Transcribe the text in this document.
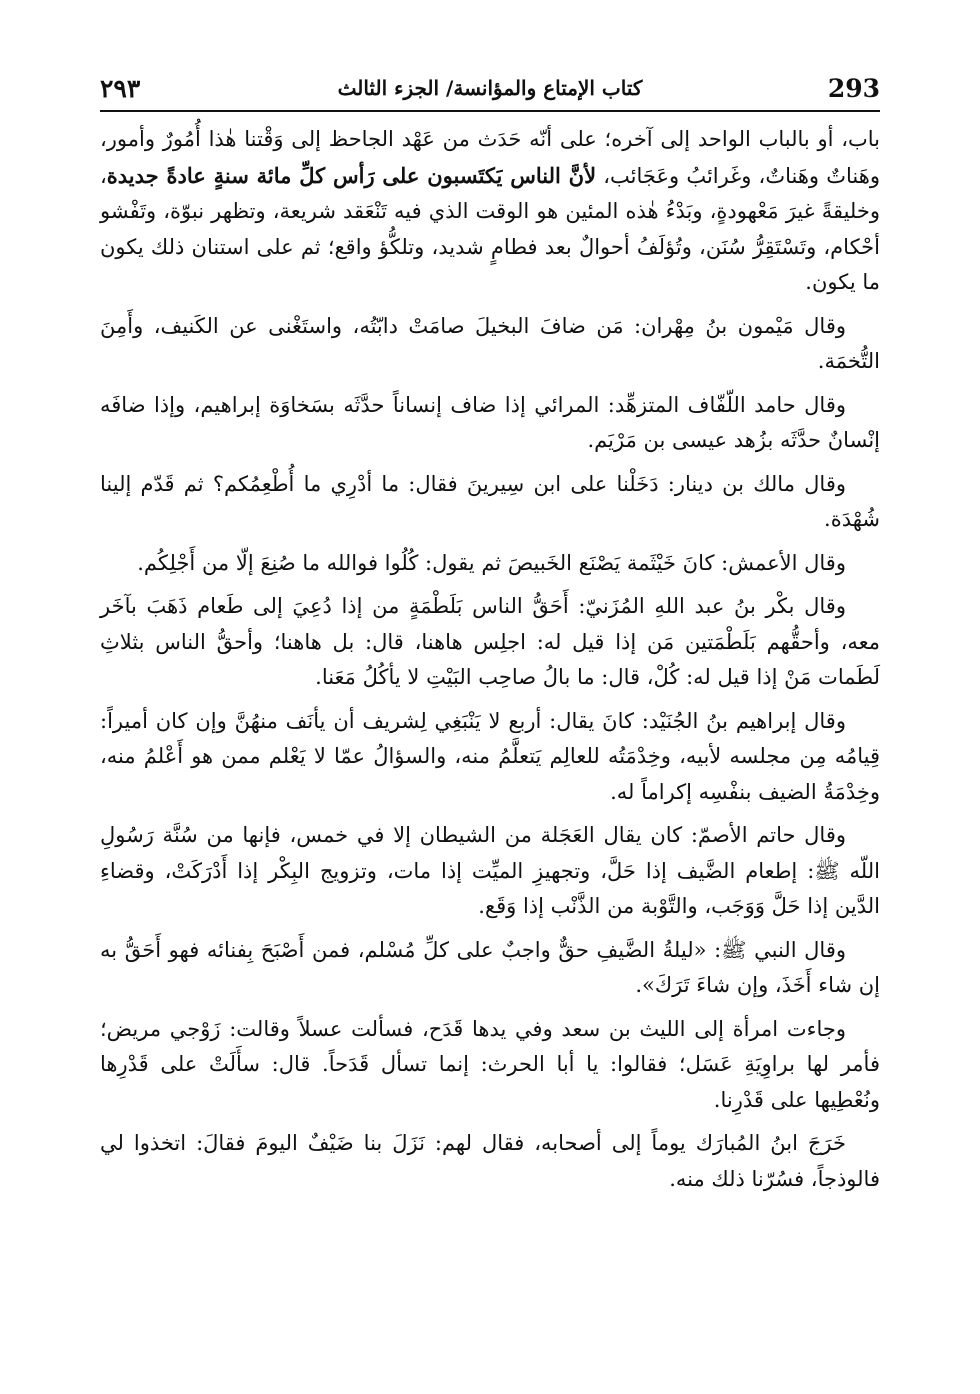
٢٩٣	كتاب الإمتاع والمؤانسة/ الجزء الثالث	293

باب، أو بالباب الواحد إلى آخره؛ على أنّه حَدَث من عَهْد الجاحظ إلى وَقْتنا هٰذا أُمُورٌ وأمور، وهَناتٌ وهَناتٌ، وغَرائبُ وعَجَائب، لأنَّ الناس يَكتَسبون على رَأس كلِّ مائة سنةٍ عادةً جديدة، وخليقةً غيرَ مَعْهودةٍ، وبَدْءُ هٰذه المئين هو الوقت الذي فيه تَنْعَقد شريعة، وتظهر نبوّة، وتَفْشو أحْكام، وتَسْتَقِرُّ سُنَن، وتُؤلَفُ أحوالٌ بعد فطامٍ شديد، وتلكُّؤ واقع؛ ثم على استنان ذلك يكون ما يكون.

وقال مَيْمون بنُ مِهْران: مَن ضافَ البخيلَ صامَتْ دابّتُه، واستَغْنى عن الكَنيف، وأَمِنَ التُّخمَة.

وقال حامد اللّفّاف المتزهِّد: المرائي إذا ضاف إنساناً حدَّثَه بسَخاوَة إبراهيم، وإذا ضافَه إنْسانٌ حدَّثَه بزُهد عيسى بن مَرْيَم.

وقال مالك بن دينار: دَخَلْنا على ابن سِيرينَ فقال: ما أدْرِي ما أُطْعِمُكم؟ ثم قَدّم إلينا شُهْدَة.

وقال الأعمش: كانَ خَيْثَمة يَصْنَع الخَبيصَ ثم يقول: كُلُوا فوالله ما صُنِعَ إلّا من أَجْلِكُم.

وقال بكْر بنُ عبد اللهِ المُزَنيّ: أَحَقُّ الناس بَلَطْمَةٍ من إذا دُعِيَ إلى طَعام ذَهَبَ بآخَر معه، وأحقُّهم بَلَطْمَتين مَن إذا قيل له: اجلِس هاهنا، قال: بل هاهنا؛ وأحقُّ الناس بثلاثِ لَطَمات مَنْ إذا قيل له: كُلْ، قال: ما بالُ صاحِب البَيْتِ لا يأكُلُ مَعَنا.

وقال إبراهيم بنُ الجُنَيْد: كانَ يقال: أربع لا يَنْبَغِي لِشريف أن يأنَف منهُنَّ وإن كان أميراً: قِيامُه مِن مجلسه لأبيه، وخِدْمَتُه للعالِم يَتعلَّمُ منه، والسؤالُ عمّا لا يَعْلم ممن هو أَعْلمُ منه، وخِدْمَةُ الضيف بنفْسِه إكراماً له.

وقال حاتم الأصمّ: كان يقال العَجَلة من الشيطان إلا في خمس، فإنها من سُنَّة رَسُولِ اللّه ﷺ: إطعام الضَّيف إذا حَلَّ، وتجهيزِ الميِّت إذا مات، وتزويج البِكْر إذا أَدْرَكَتْ، وقضاءِ الدَّين إذا حَلَّ وَوَجَب، والتَّوْبة من الذَّنْب إذا وَقَع.

وقال النبي ﷺ: «ليلةُ الضَّيفِ حقٌّ واجبٌ على كلِّ مُسْلم، فمن أَصْبَحَ بِفنائه فهو أَحَقُّ به إن شاء أَخَذَ، وإن شاءَ تَرَكَ».

وجاءت امرأة إلى الليث بن سعد وفي يدها قَدَح، فسألت عسلاً وقالت: زَوْجي مريض؛ فأمر لها براوِيَةِ عَسَل؛ فقالوا: يا أبا الحرث: إنما تسأل قَدَحاً. قال: سأَلَتْ على قَدْرِها ونُعْطِيها على قَدْرِنا.

خَرَجَ ابنُ المُبارَك يوماً إلى أصحابه، فقال لهم: نَزَلَ بنا ضَيْفٌ اليومَ فقالَ: اتخذوا لي فالوذجاً، فسُرّنا ذلك منه.
